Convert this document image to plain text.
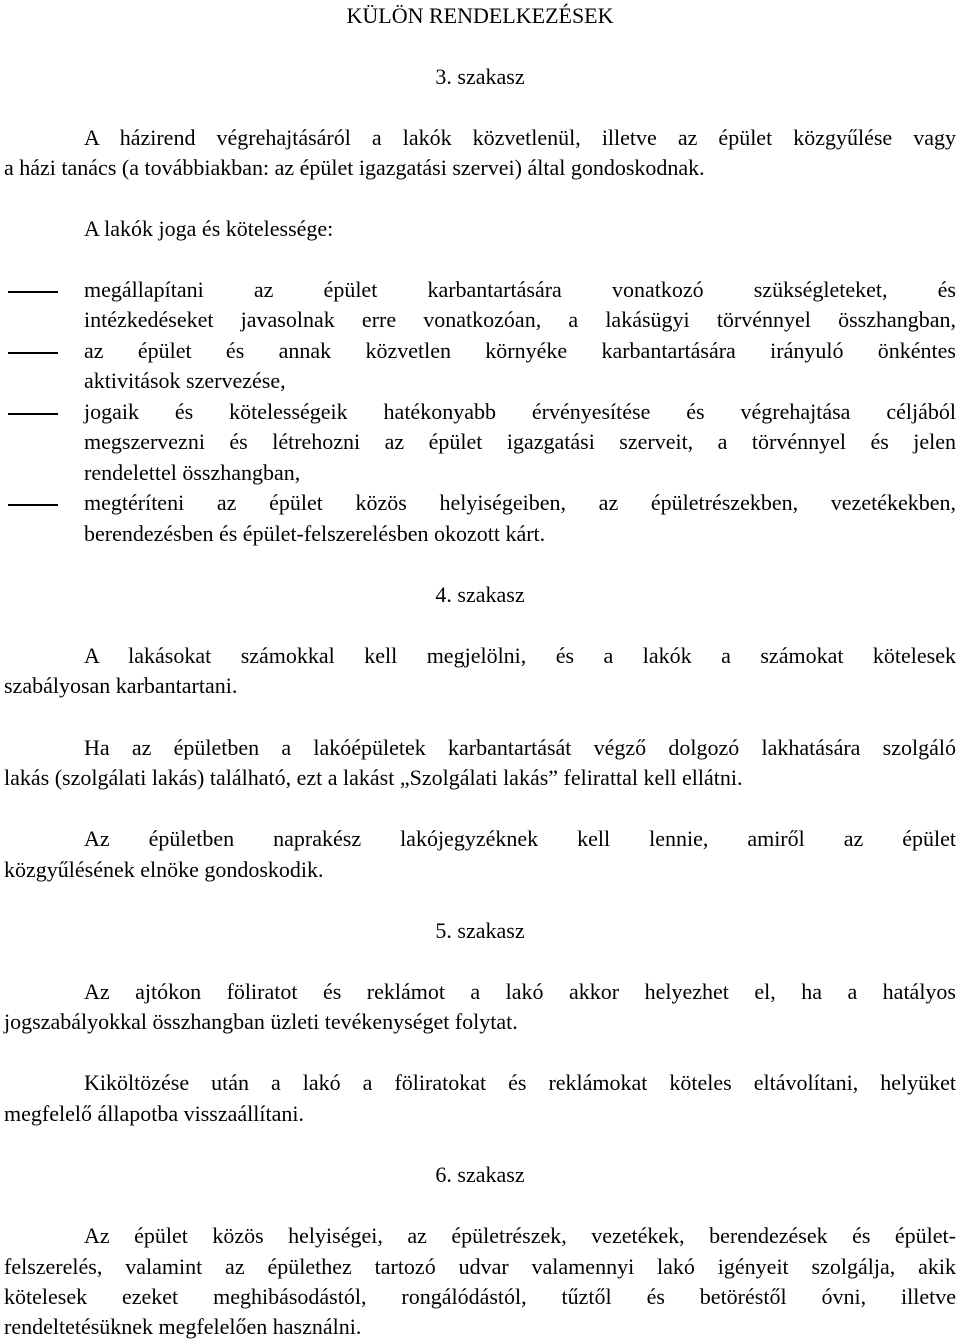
KÜLÖN RENDELKEZÉSEK
3. szakasz
A házirend végrehajtásáról a lakók közvetlenül, illetve az épület közgyűlése vagy
a házi tanács (a továbbiakban: az épület igazgatási szervei) által gondoskodnak.
A lakók joga és kötelessége:
megállapítani az épület karbantartására vonatkozó szükségleteket, és
intézkedéseket javasolnak erre vonatkozóan, a lakásügyi törvénnyel összhangban,
az épület és annak közvetlen környéke karbantartására irányuló önkéntes
aktivitások szervezése,
jogaik és kötelességeik hatékonyabb érvényesítése és végrehajtása céljából
megszervezni és létrehozni az épület igazgatási szerveit, a törvénnyel és jelen
rendelettel összhangban,
megtéríteni az épület közös helyiségeiben, az épületrészekben, vezetékekben,
berendezésben és épület-felszerelésben okozott kárt.
4. szakasz
A lakásokat számokkal kell megjelölni, és a lakók a számokat kötelesek
szabályosan karbantartani.
Ha az épületben a lakóépületek karbantartását végző dolgozó lakhatására szolgáló
lakás (szolgálati lakás) található, ezt a lakást „Szolgálati lakás” felirattal kell ellátni.
Az épületben naprakész lakójegyzéknek kell lennie, amiről az épület
közgyűlésének elnöke gondoskodik.
5. szakasz
Az ajtókon föliratot és reklámot a lakó akkor helyezhet el, ha a hatályos
jogszabályokkal összhangban üzleti tevékenységet folytat.
Kiköltözése után a lakó a föliratokat és reklámokat köteles eltávolítani, helyüket
megfelelő állapotba visszaállítani.
6. szakasz
Az épület közös helyiségei, az épületrészek, vezetékek, berendezések és épület-
felszerelés, valamint az épülethez tartozó udvar valamennyi lakó igényeit szolgálja, akik
kötelesek ezeket meghibásodástól, rongálódástól, tűztől és betöréstől óvni, illetve
rendeltetésüknek megfelelően használni.
